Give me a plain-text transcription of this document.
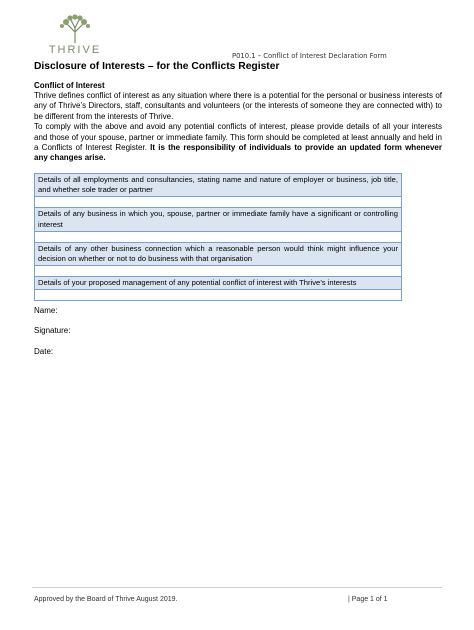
THRIVE	P010.1 – Conflict of Interest Declaration Form
Disclosure of Interests – for the Conflicts Register
Conflict of Interest

Thrive defines conflict of interest as any situation where there is a potential for the personal or business interests of any of Thrive’s Directors, staff, consultants and volunteers (or the interests of someone they are connected with) to be different from the interests of Thrive.

To comply with the above and avoid any potential conflicts of interest, please provide details of all your interests and those of your spouse, partner or immediate family. This form should be completed at least annually and held in a Conflicts of Interest Register. It is the responsibility of individuals to provide an updated form whenever any changes arise.

Details of all employments and consultancies, stating name and nature of employer or business, job title, and whether sole trader or partner
Details of any business in which you, spouse, partner or immediate family have a significant or controlling interest
Details of any other business connection which a reasonable person would think might influence your decision on whether or not to do business with that organisation
Details of your proposed management of any potential conflict of interest with Thrive’s interests
Name:
Signature:
Date:
Approved by the Board of Thrive August 2019.	| Page 1 of 1
